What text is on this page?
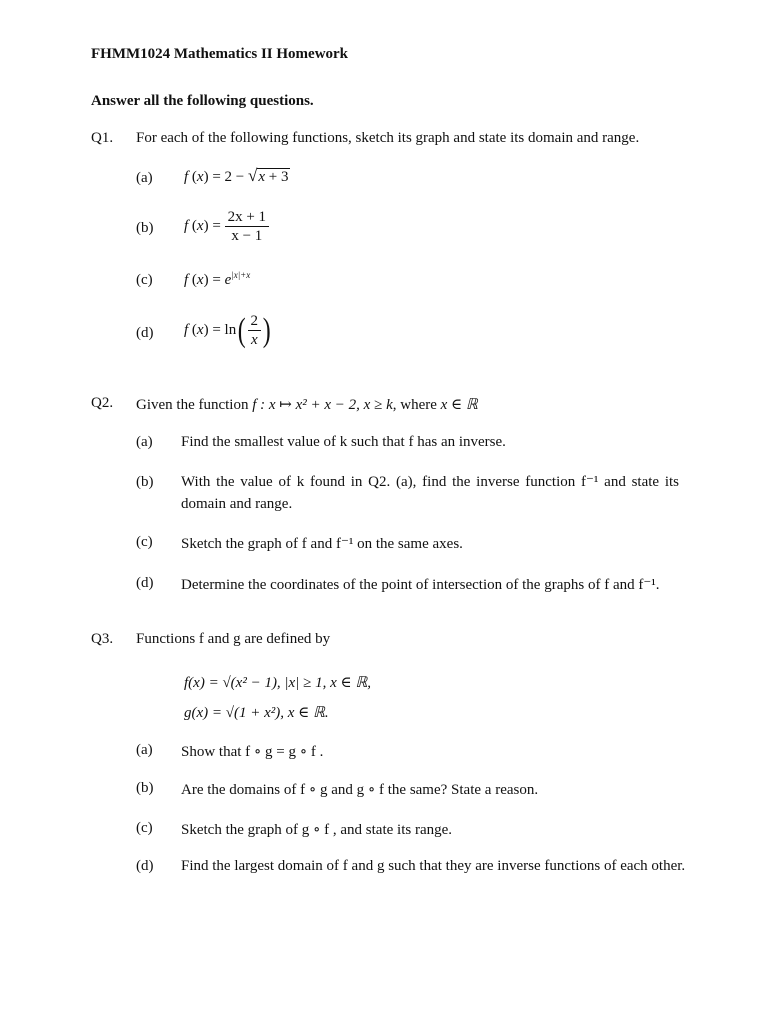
FHMM1024 Mathematics II Homework
Answer all the following questions.
Q1. For each of the following functions, sketch its graph and state its domain and range.
(a) f (x) = 2 − √x + 3
(b) f $(x) = \frac{2x + 1}{x - 1}$
(c) f $(x) = e^{|x|+x}$
(d) f $(x) = \ln( \frac{2}{x}$ )
Q2. Given the function f : x ↦ x² + x − 2, x ≥ k, where x ∈ ℝ
(a) Find the smallest value of k such that f has an inverse.
(b) With the value of k found in Q2. (a), find the inverse function f⁻¹ and state its domain and range.
(c) Sketch the graph of f and f⁻¹ on the same axes.
(d) Determine the coordinates of the point of intersection of the graphs of f and f⁻¹.
Q3. Functions f and g are defined by
f(x) = √(x² − 1), |x| ≥ 1, x ∈ ℝ,
g(x) = √(1 + x²), x ∈ ℝ.
(a) Show that f ∘ g = g ∘ f .
(b) Are the domains of f ∘ g and g ∘ f the same? State a reason.
(c) Sketch the graph of g ∘ f , and state its range.
(d) Find the largest domain of f and g such that they are inverse functions of each other.
